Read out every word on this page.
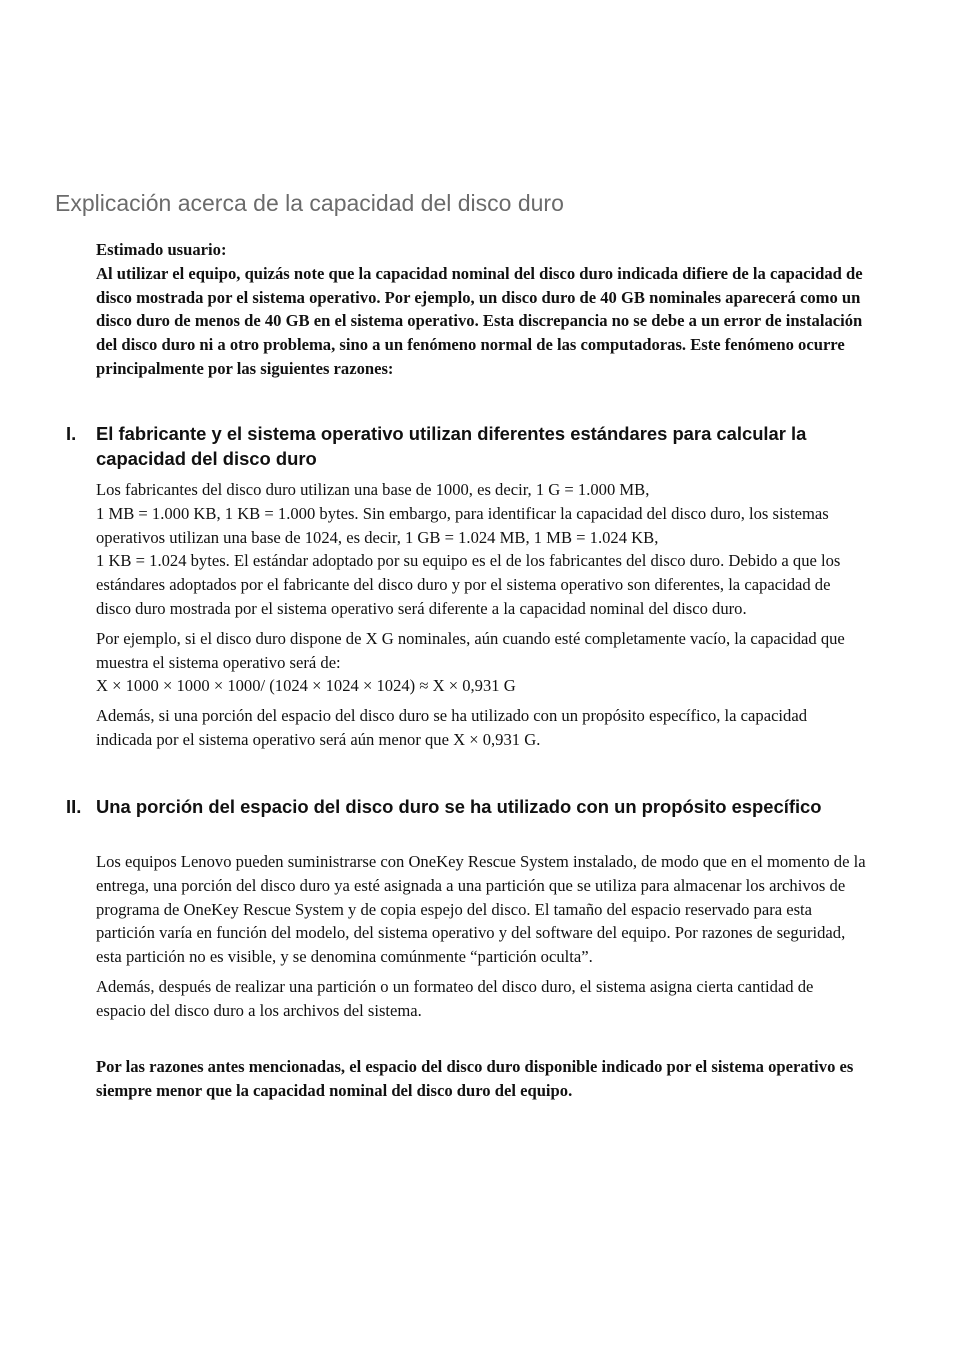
Explicación acerca de la capacidad del disco duro

Estimado usuario:

Al utilizar el equipo, quizás note que la capacidad nominal del disco duro indicada difiere de la capacidad de disco mostrada por el sistema operativo. Por ejemplo, un disco duro de 40 GB nominales aparecerá como un disco duro de menos de 40 GB en el sistema operativo. Esta discrepancia no se debe a un error de instalación del disco duro ni a otro problema, sino a un fenómeno normal de las computadoras. Este fenómeno ocurre principalmente por las siguientes razones:

I. El fabricante y el sistema operativo utilizan diferentes estándares para calcular la capacidad del disco duro

Los fabricantes del disco duro utilizan una base de 1000, es decir, 1 G = 1.000 MB,

1 MB = 1.000 KB, 1 KB = 1.000 bytes. Sin embargo, para identificar la capacidad del disco duro, los sistemas operativos utilizan una base de 1024, es decir, 1 GB = 1.024 MB, 1 MB = 1.024 KB,

1 KB = 1.024 bytes. El estándar adoptado por su equipo es el de los fabricantes del disco duro. Debido a que los estándares adoptados por el fabricante del disco duro y por el sistema operativo son diferentes, la capacidad de disco duro mostrada por el sistema operativo será diferente a la capacidad nominal del disco duro.

Por ejemplo, si el disco duro dispone de X G nominales, aún cuando esté completamente vacío, la capacidad que muestra el sistema operativo será de:

X × 1000 × 1000 × 1000/ (1024 × 1024 × 1024) ≈ X × 0,931 G

Además, si una porción del espacio del disco duro se ha utilizado con un propósito específico, la capacidad indicada por el sistema operativo será aún menor que X × 0,931 G.

II. Una porción del espacio del disco duro se ha utilizado con un propósito específico

Los equipos Lenovo pueden suministrarse con OneKey Rescue System instalado, de modo que en el momento de la entrega, una porción del disco duro ya esté asignada a una partición que se utiliza para almacenar los archivos de programa de OneKey Rescue System y de copia espejo del disco. El tamaño del espacio reservado para esta partición varía en función del modelo, del sistema operativo y del software del equipo. Por razones de seguridad, esta partición no es visible, y se denomina comúnmente “partición oculta”.

Además, después de realizar una partición o un formateo del disco duro, el sistema asigna cierta cantidad de espacio del disco duro a los archivos del sistema.

Por las razones antes mencionadas, el espacio del disco duro disponible indicado por el sistema operativo es siempre menor que la capacidad nominal del disco duro del equipo.
